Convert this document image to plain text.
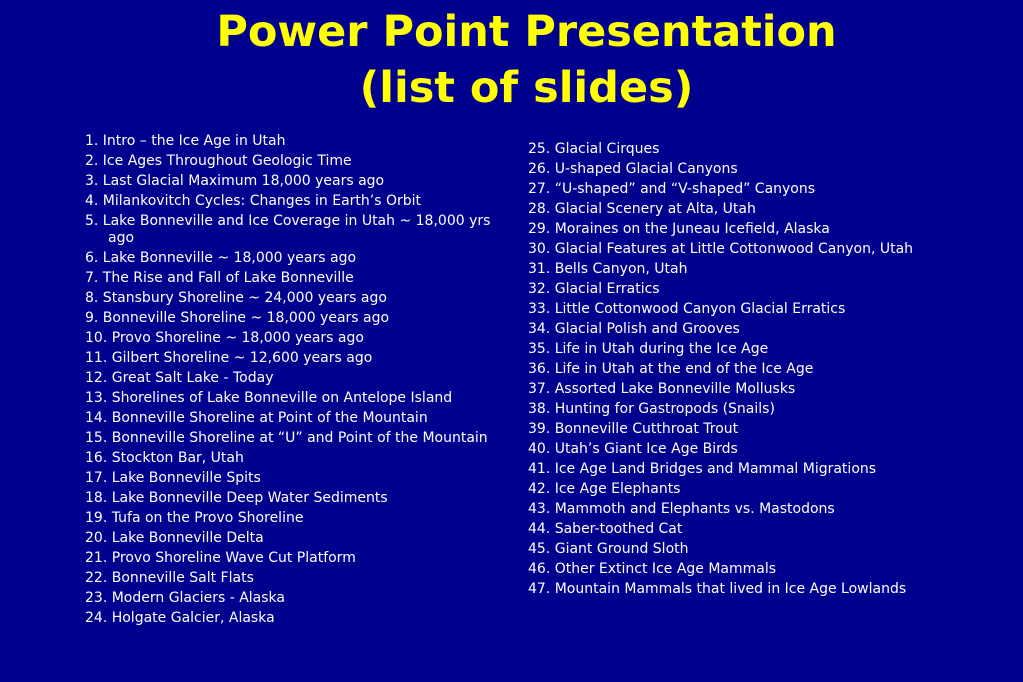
Power Point Presentation
(list of slides)
1. Intro – the Ice Age in Utah
2. Ice Ages Throughout Geologic Time
3. Last Glacial Maximum 18,000 years ago
4. Milankovitch Cycles: Changes in Earth’s Orbit
5. Lake Bonneville and Ice Coverage in Utah ~ 18,000 yrs ago
6. Lake Bonneville ~ 18,000 years ago
7. The Rise and Fall of Lake Bonneville
8. Stansbury Shoreline ~ 24,000 years ago
9. Bonneville Shoreline ~ 18,000 years ago
10. Provo Shoreline ~ 18,000 years ago
11. Gilbert Shoreline ~ 12,600 years ago
12. Great Salt Lake - Today
13. Shorelines of Lake Bonneville on Antelope Island
14. Bonneville Shoreline at Point of the Mountain
15. Bonneville Shoreline at “U” and Point of the Mountain
16. Stockton Bar, Utah
17. Lake Bonneville Spits
18. Lake Bonneville Deep Water Sediments
19. Tufa on the Provo Shoreline
20. Lake Bonneville Delta
21. Provo Shoreline Wave Cut Platform
22. Bonneville Salt Flats
23. Modern Glaciers - Alaska
24. Holgate Galcier, Alaska
25. Glacial Cirques
26. U-shaped Glacial Canyons
27. “U-shaped” and “V-shaped” Canyons
28. Glacial Scenery at Alta, Utah
29. Moraines on the Juneau Icefield, Alaska
30. Glacial Features at Little Cottonwood Canyon, Utah
31. Bells Canyon, Utah
32. Glacial Erratics
33. Little Cottonwood Canyon Glacial Erratics
34. Glacial Polish and Grooves
35. Life in Utah during the Ice Age
36. Life in Utah at the end of the Ice Age
37. Assorted Lake Bonneville Mollusks
38. Hunting for Gastropods (Snails)
39. Bonneville Cutthroat Trout
40. Utah’s Giant Ice Age Birds
41. Ice Age Land Bridges and Mammal Migrations
42. Ice Age Elephants
43. Mammoth and Elephants vs. Mastodons
44. Saber-toothed Cat
45. Giant Ground Sloth
46. Other Extinct Ice Age Mammals
47. Mountain Mammals that lived in Ice Age Lowlands
